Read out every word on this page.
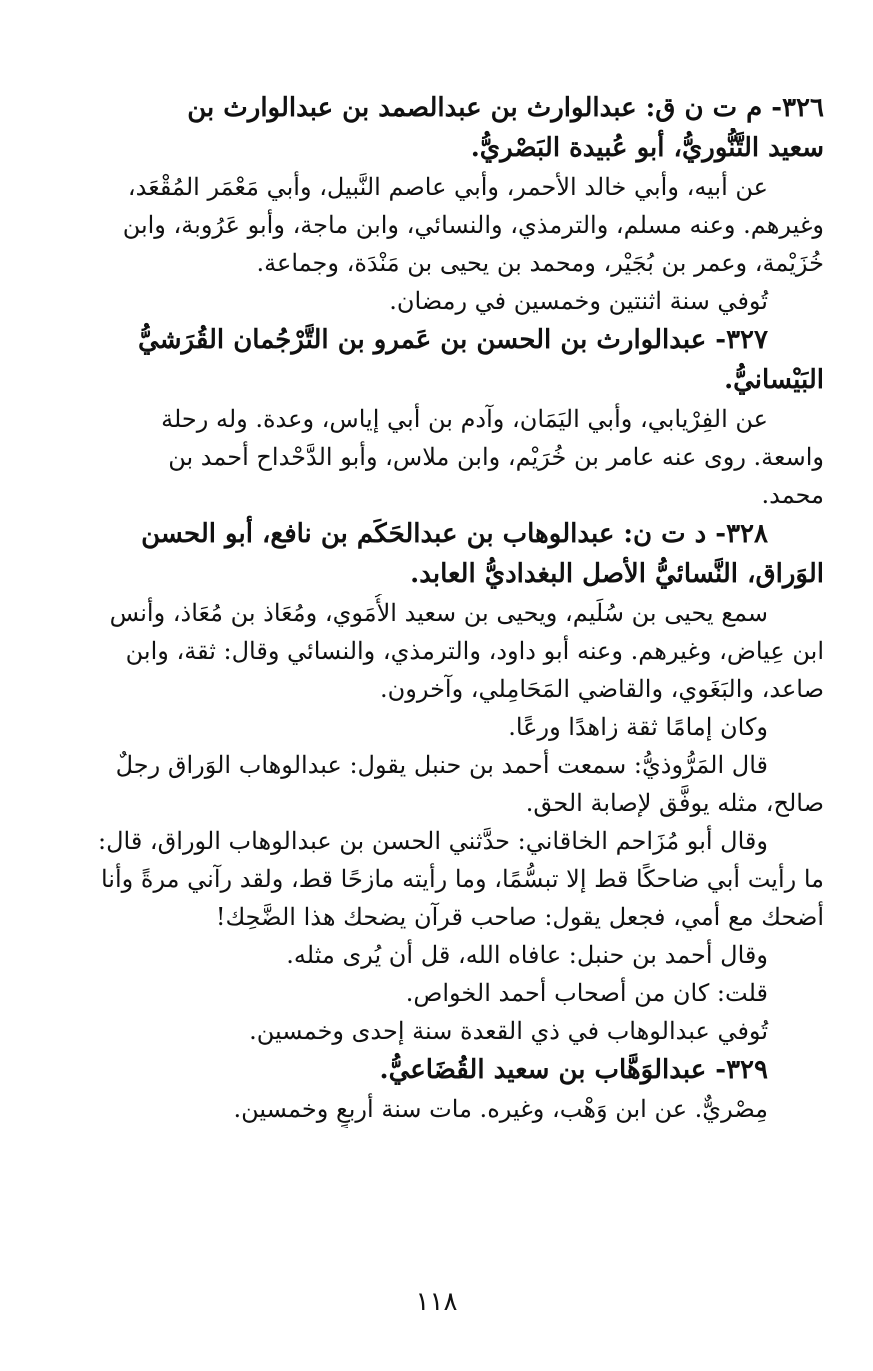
٣٢٦- م ت ن ق: عبدالوارث بن عبدالصمد بن عبدالوارث بن
سعيد التَّنُّوريُّ، أبو عُبيدة البَصْريُّ.
عن أبيه، وأبي خالد الأحمر، وأبي عاصم النَّبيل، وأبي مَعْمَر المُقْعَد،
وغيرهم. وعنه مسلم، والترمذي، والنسائي، وابن ماجة، وأبو عَرُوبة، وابن
خُزَيْمة، وعمر بن بُجَيْر، ومحمد بن يحيى بن مَنْدَة، وجماعة.
تُوفي سنة اثنتين وخمسين في رمضان.
٣٢٧- عبدالوارث بن الحسن بن عَمرو بن التَّرْجُمان القُرَشيُّ
البَيْسانيُّ.
عن الفِرْيابي، وأبي اليَمَان، وآدم بن أبي إياس، وعدة. وله رحلة
واسعة. روى عنه عامر بن خُرَيْم، وابن ملاس، وأبو الدَّحْداح أحمد بن
محمد.
٣٢٨- د ت ن: عبدالوهاب بن عبدالحَكَم بن نافع، أبو الحسن
الوَراق، النَّسائيُّ الأصل البغداديُّ العابد.
سمع يحيى بن سُلَيم، ويحيى بن سعيد الأُمَوي، ومُعَاذ بن مُعَاذ، وأنس
ابن عِياض، وغيرهم. وعنه أبو داود، والترمذي، والنسائي وقال: ثقة، وابن
صاعد، والبَغَوي، والقاضي المَحَامِلي، وآخرون.
وكان إمامًا ثقة زاهدًا ورعًا.
قال المَرُّوذيُّ: سمعت أحمد بن حنبل يقول: عبدالوهاب الوَراق رجلٌ
صالح، مثله يوفَّق لإصابة الحق.
وقال أبو مُزَاحم الخاقاني: حدَّثني الحسن بن عبدالوهاب الوراق، قال:
ما رأيت أبي ضاحكًا قط إلا تبسُّمًا، وما رأيته مازحًا قط، ولقد رآني مرةً وأنا
أضحك مع أمي، فجعل يقول: صاحب قرآن يضحك هذا الضَّحِك!
وقال أحمد بن حنبل: عافاه الله، قل أن يُرى مثله.
قلت: كان من أصحاب أحمد الخواص.
تُوفي عبدالوهاب في ذي القعدة سنة إحدى وخمسين.
٣٢٩- عبدالوَهَّاب بن سعيد القُضَاعيُّ.
مِصْريٌّ. عن ابن وَهْب، وغيره. مات سنة أربعٍ وخمسين.
١١٨
